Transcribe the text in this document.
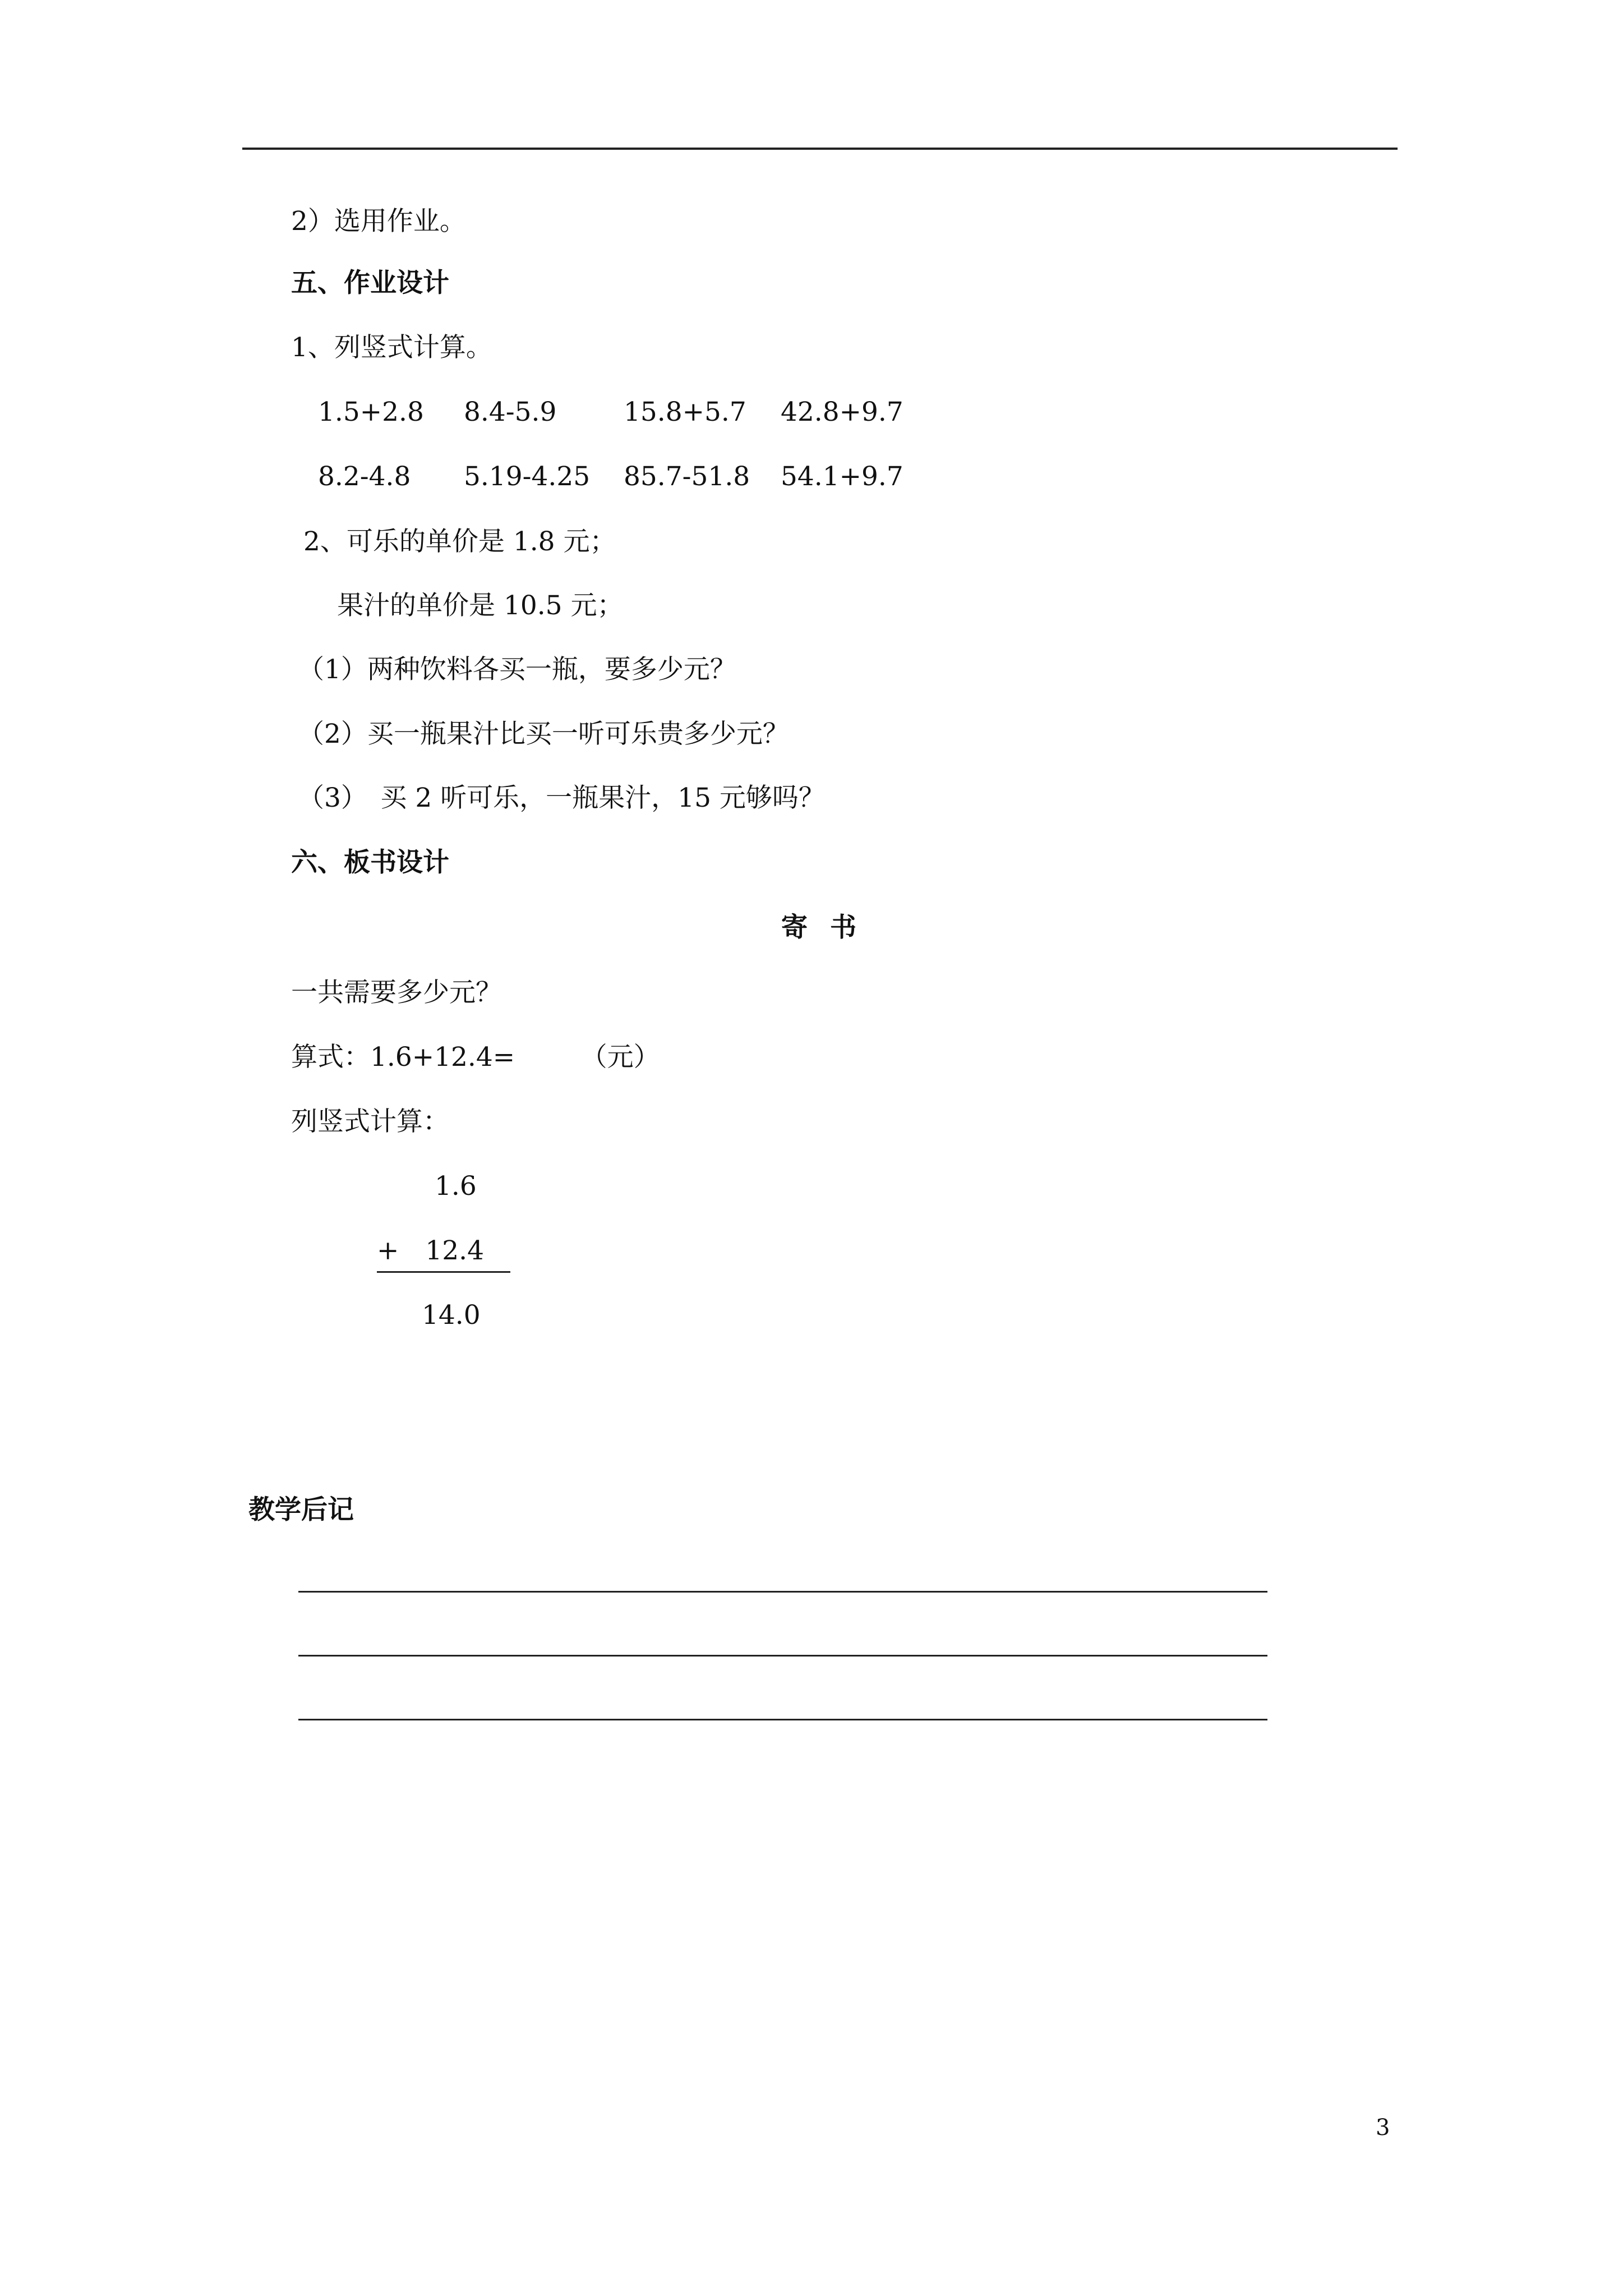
2）选用作业。
五、作业设计
1、列竖式计算。

1.5+2.8

8.4-5.9

	15.8+5.7

42.8+9.7

8.2-4.8

5.19-4.25

85.7-51.8

54.1+9.7

2、可乐的单价是 1.8 元；
果汁的单价是 10.5 元；
（1）两种饮料各买一瓶，要多少元？
（2）买一瓶果汁比买一听可乐贵多少元？
（3）　买 2 听可乐，一瓶果汁，15 元够吗？
六、板书设计
寄书
一共需要多少元？
算式：1.6+12.4=　　　（元）
列竖式计算：
1.6
+　12.4　
14.0
教学后记
3
